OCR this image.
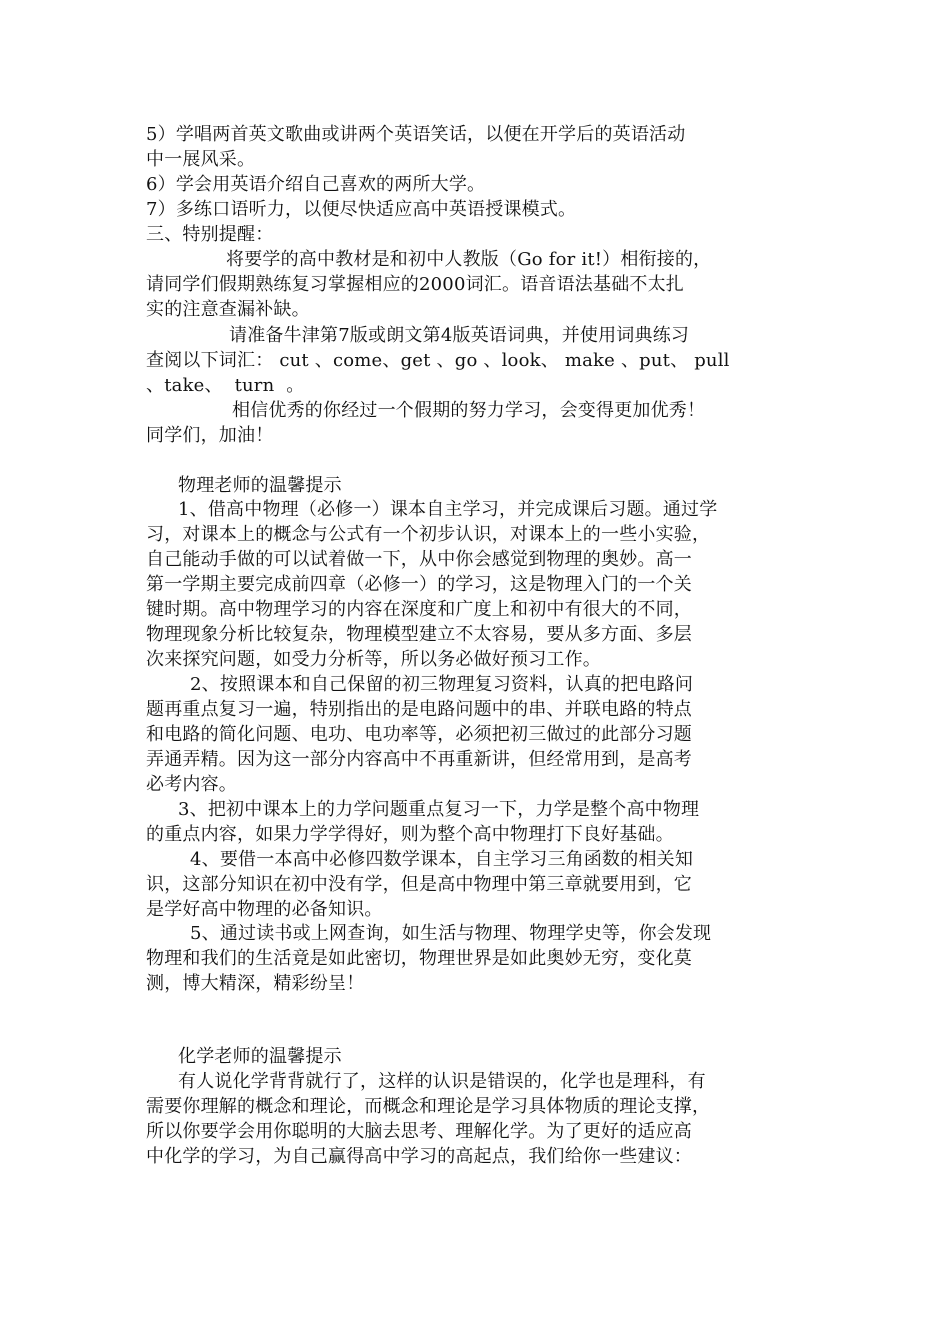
5）学唱两首英文歌曲或讲两个英语笑话，以便在开学后的英语活动
中一展风采。
6）学会用英语介绍自己喜欢的两所大学。
7）多练口语听力，以便尽快适应高中英语授课模式。
三、特别提醒：
将要学的高中教材是和初中人教版（Go for it!）相衔接的，
请同学们假期熟练复习掌握相应的2000词汇。语音语法基础不太扎
实的注意查漏补缺。
请准备牛津第7版或朗文第4版英语词典，并使用词典练习
查阅以下词汇： cut 、come、get 、go 、look、 make 、put、 pull
、take、  turn  。
相信优秀的你经过一个假期的努力学习，会变得更加优秀！
同学们，加油！
物理老师的温馨提示
1、借高中物理（必修一）课本自主学习，并完成课后习题。通过学
习，对课本上的概念与公式有一个初步认识，对课本上的一些小实验，
自己能动手做的可以试着做一下，从中你会感觉到物理的奥妙。高一
第一学期主要完成前四章（必修一）的学习，这是物理入门的一个关
键时期。高中物理学习的内容在深度和广度上和初中有很大的不同，
物理现象分析比较复杂，物理模型建立不太容易，要从多方面、多层
次来探究问题，如受力分析等，所以务必做好预习工作。
2、按照课本和自己保留的初三物理复习资料，认真的把电路问
题再重点复习一遍，特别指出的是电路问题中的串、并联电路的特点
和电路的简化问题、电功、电功率等，必须把初三做过的此部分习题
弄通弄精。因为这一部分内容高中不再重新讲，但经常用到，是高考
必考内容。
3、把初中课本上的力学问题重点复习一下，力学是整个高中物理
的重点内容，如果力学学得好，则为整个高中物理打下良好基础。
4、要借一本高中必修四数学课本，自主学习三角函数的相关知
识，这部分知识在初中没有学，但是高中物理中第三章就要用到，它
是学好高中物理的必备知识。
5、通过读书或上网查询，如生活与物理、物理学史等，你会发现
物理和我们的生活竟是如此密切，物理世界是如此奥妙无穷，变化莫
测，博大精深，精彩纷呈！
化学老师的温馨提示
有人说化学背背就行了，这样的认识是错误的，化学也是理科，有
需要你理解的概念和理论，而概念和理论是学习具体物质的理论支撑，
所以你要学会用你聪明的大脑去思考、理解化学。为了更好的适应高
中化学的学习，为自己赢得高中学习的高起点，我们给你一些建议：
